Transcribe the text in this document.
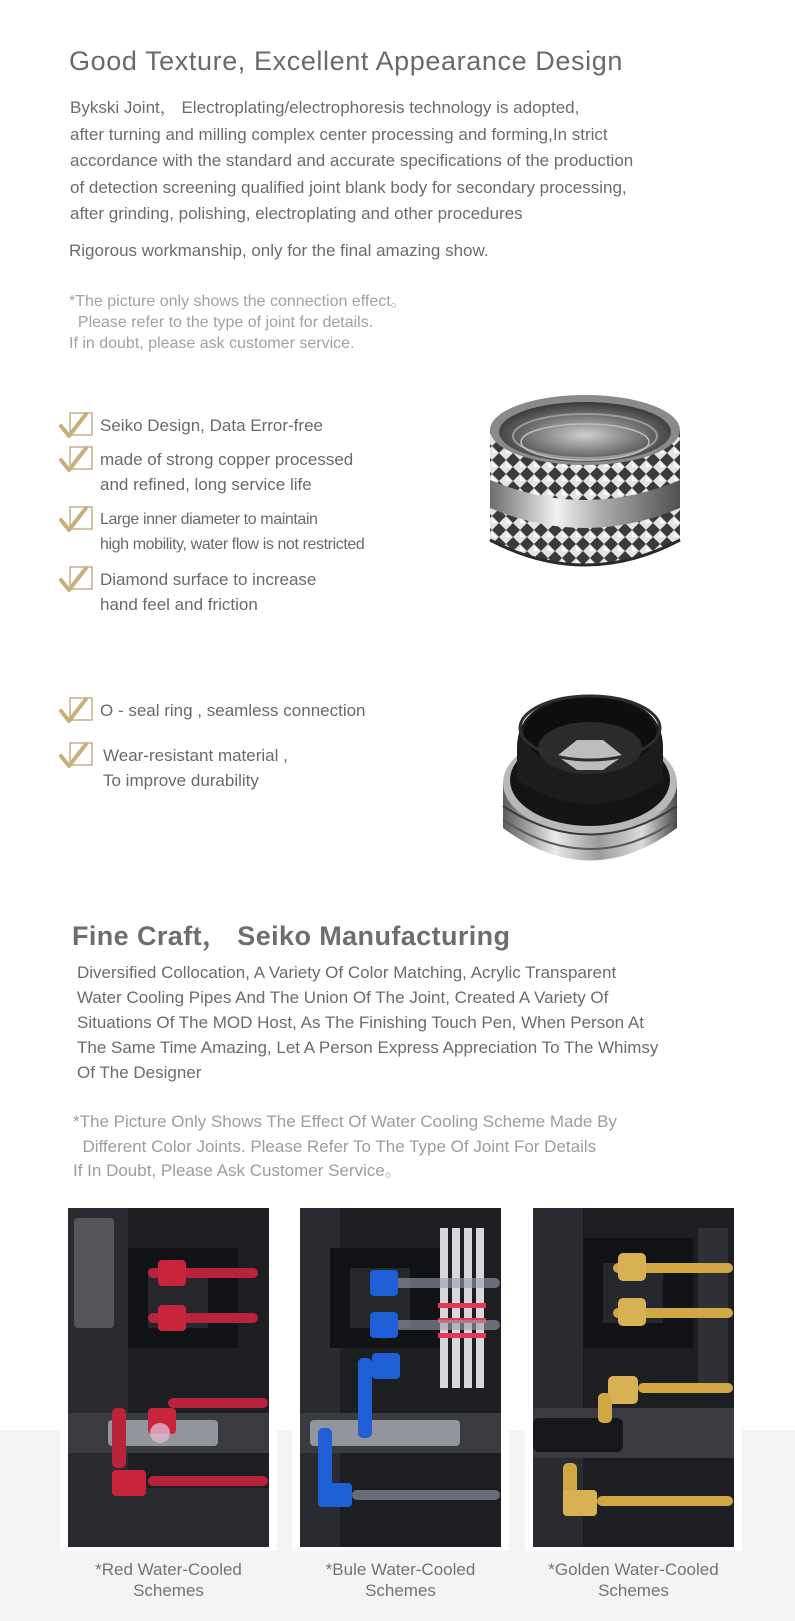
Good Texture, Excellent Appearance Design

Bykski Joint， Electroplating/electrophoresis technology is adopted,

after turning and milling complex center processing and forming,In strict

accordance with the standard and accurate specifications of the production

of detection screening qualified joint blank body for secondary processing,

after grinding, polishing, electroplating and other procedures

Rigorous workmanship, only for the final amazing show.

*The picture only shows the connection effect。

Please refer to the type of joint for details.

If in doubt, please ask customer service.

Seiko Design, Data Error-free

made of strong copper processed

and refined, long service life

Large inner diameter to maintain

high mobility, water flow is not restricted

Diamond surface to increase

hand feel and friction

O - seal ring , seamless connection

Wear-resistant material ,

To improve durability

Fine Craft， Seiko Manufacturing

Diversified Collocation, A Variety Of Color Matching, Acrylic Transparent

Water Cooling Pipes And The Union Of The Joint, Created A Variety Of

Situations Of The MOD Host, As The Finishing Touch Pen, When Person At

The Same Time Amazing, Let A Person Express Appreciation To The Whimsy

Of The Designer

*The Picture Only Shows The Effect Of Water Cooling Scheme Made By

Different Color Joints. Please Refer To The Type Of Joint For Details

If In Doubt, Please Ask Customer Service。

*Red Water-Cooled

Schemes

*Bule Water-Cooled

Schemes

*Golden Water-Cooled

Schemes
